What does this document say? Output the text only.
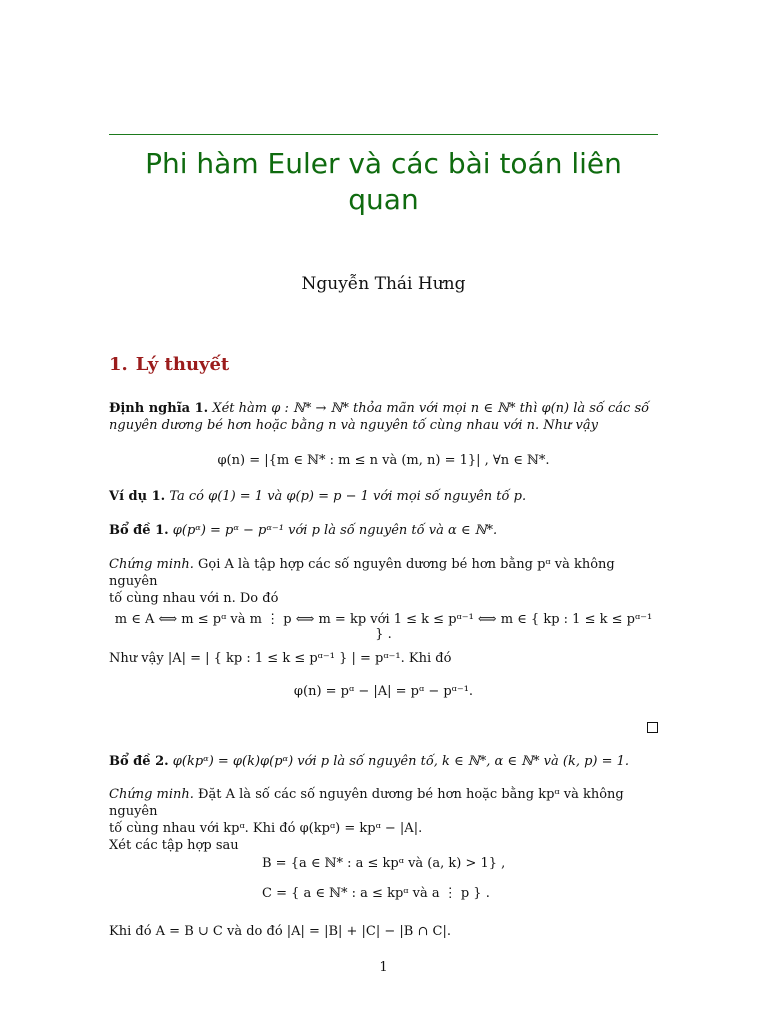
Phi hàm Euler và các bài toán liên quan
Nguyễn Thái Hưng
1. Lý thuyết
Định nghĩa 1. Xét hàm φ : ℕ* → ℕ* thỏa mãn với mọi n ∈ ℕ* thì φ(n) là số các số
nguyên dương bé hơn hoặc bằng n và nguyên tố cùng nhau với n. Như vậy
φ(n) = |{m ∈ ℕ* : m ≤ n và (m, n) = 1}| , ∀n ∈ ℕ*.
Ví dụ 1. Ta có φ(1) = 1 và φ(p) = p − 1 với mọi số nguyên tố p.
Bổ đề 1. φ(pᵅ) = pᵅ − pᵅ⁻¹ với p là số nguyên tố và α ∈ ℕ*.
Chứng minh. Gọi A là tập hợp các số nguyên dương bé hơn bằng pᵅ và không nguyên
tố cùng nhau với n. Do đó
m ∈ A ⟺ m ≤ pᵅ và m ⋮ p ⟺ m = kp với 1 ≤ k ≤ pᵅ⁻¹ ⟺ m ∈ { kp : 1 ≤ k ≤ pᵅ⁻¹ } .
Như vậy |A| = | { kp : 1 ≤ k ≤ pᵅ⁻¹ } | = pᵅ⁻¹. Khi đó
φ(n) = pᵅ − |A| = pᵅ − pᵅ⁻¹.
Bổ đề 2. φ(kpᵅ) = φ(k)φ(pᵅ) với p là số nguyên tố, k ∈ ℕ*, α ∈ ℕ* và (k, p) = 1.
Chứng minh. Đặt A là số các số nguyên dương bé hơn hoặc bằng kpᵅ và không nguyên
tố cùng nhau với kpᵅ. Khi đó φ(kpᵅ) = kpᵅ − |A|.
Xét các tập hợp sau
B = {a ∈ ℕ* : a ≤ kpᵅ và (a, k) > 1} ,
C = { a ∈ ℕ* : a ≤ kpᵅ và a ⋮ p } .
Khi đó A = B ∪ C và do đó |A| = |B| + |C| − |B ∩ C|.
1
